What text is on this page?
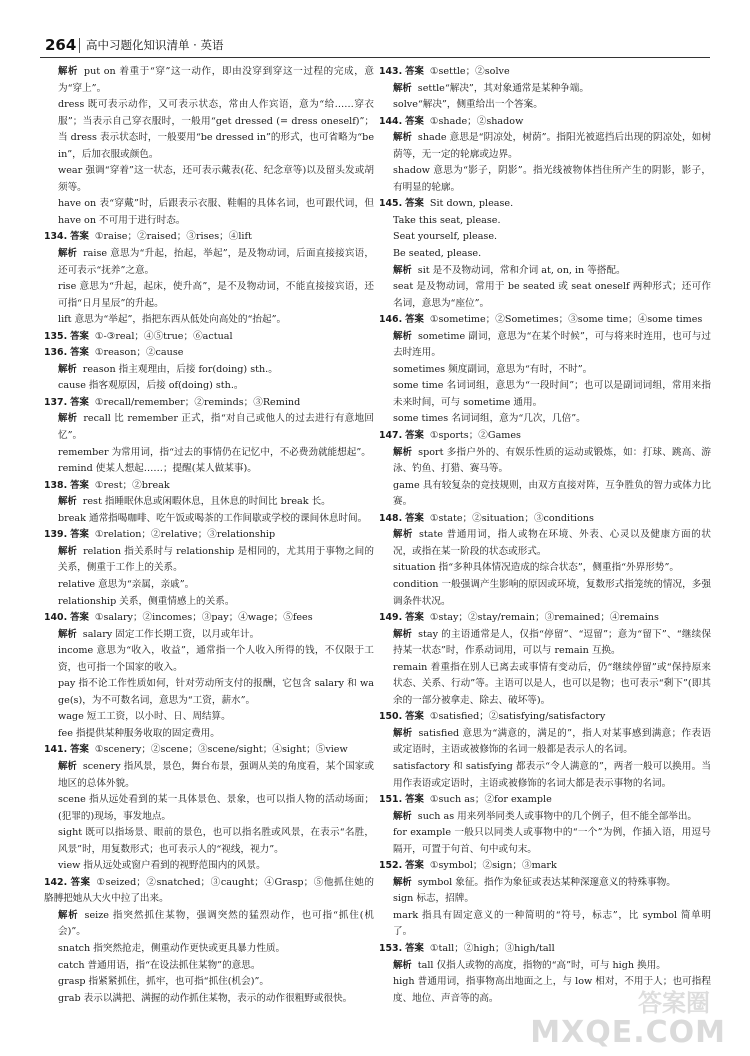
264 高中习题化知识清单 · 英语

解析 put on 着重于“穿”这一动作，即由没穿到穿这一过程的完成，意为“穿上”。

dress 既可表示动作，又可表示状态，常由人作宾语，意为“给……穿衣服”；当表示自己穿衣服时，一般用“get dressed (= dress oneself)”；当 dress 表示状态时，一般要用“be dressed in”的形式，也可省略为“be in”，后加衣服或颜色。

wear 强调“穿着”这一状态，还可表示戴表(花、纪念章等)以及留头发或胡须等。

have on 表“穿戴”时，后跟表示衣服、鞋帽的具体名词，也可跟代词，但 have on 不可用于进行时态。

134. 答案 ①raise；②raised；③rises；④lift

解析 raise 意思为“升起，抬起，举起”，是及物动词，后面直接接宾语，还可表示“抚养”之意。

rise 意思为“升起，起床，使升高”，是不及物动词，不能直接接宾语，还可指“日月星辰”的升起。

lift 意思为“举起”，指把东西从低处向高处的“抬起”。

135. 答案 ①-③real；④⑤true；⑥actual

136. 答案 ①reason；②cause

解析 reason 指主观理由，后接 for(doing) sth.。

cause 指客观原因，后接 of(doing) sth.。

137. 答案 ①recall/remember；②reminds；③Remind

解析 recall 比 remember 正式，指“对自己或他人的过去进行有意地回忆”。

remember 为常用词，指“过去的事情仍在记忆中，不必费劲就能想起”。

remind 使某人想起……；提醒(某人做某事)。

138. 答案 ①rest；②break

解析 rest 指睡眠休息或闲暇休息，且休息的时间比 break 长。

break 通常指喝咖啡、吃午饭或喝茶的工作间歇或学校的课间休息时间。

139. 答案 ①relation；②relative；③relationship

解析 relation 指关系时与 relationship 是相同的，尤其用于事物之间的关系，侧重于工作上的关系。

relative 意思为“亲属，亲戚”。

relationship 关系，侧重情感上的关系。

140. 答案 ①salary；②incomes；③pay；④wage；⑤fees

解析 salary 固定工作长期工资，以月或年计。

income 意思为“收入，收益”，通常指一个人收入所得的钱，不仅限于工资，也可指一个国家的收入。

pay 指不论工作性质如何，针对劳动所支付的报酬，它包含 salary 和 wage(s)，为不可数名词，意思为“工资，薪水”。

wage 短工工资，以小时、日、周结算。

fee 指提供某种服务收取的固定费用。

141. 答案 ①scenery；②scene；③scene/sight；④sight；⑤view

解析 scenery 指风景，景色，舞台布景，强调从美的角度看，某个国家或地区的总体外貌。

scene 指从远处看到的某一具体景色、景象，也可以指人物的活动场面；(犯罪的)现场，事发地点。

sight 既可以指场景、眼前的景色，也可以指名胜或风景，在表示“名胜，风景”时，用复数形式；也可表示人的“视线，视力”。

view 指从远处或窗户看到的视野范围内的风景。

142. 答案 ①seized；②snatched；③caught；④Grasp；⑤他抓住她的胳膊把她从大火中拉了出来。

解析 seize 指突然抓住某物，强调突然的猛烈动作，也可指“抓住(机会)”。

snatch 指突然抢走，侧重动作更快或更具暴力性质。

catch 普通用语，指“在设法抓住某物”的意思。

grasp 指紧紧抓住，抓牢，也可指“抓住(机会)”。

grab 表示以满把、满握的动作抓住某物，表示的动作很粗野或很快。

143. 答案 ①settle；②solve

解析 settle“解决”，其对象通常是某种争端。

solve“解决”，侧重给出一个答案。

144. 答案 ①shade；②shadow

解析 shade 意思是“阴凉处，树荫”。指阳光被遮挡后出现的阴凉处，如树荫等，无一定的轮廓或边界。

shadow 意思为“影子，阴影”。指光线被物体挡住所产生的阴影，影子，有明显的轮廓。

145. 答案 Sit down, please.

Take this seat, please.

Seat yourself, please.

Be seated, please.

解析 sit 是不及物动词，常和介词 at, on, in 等搭配。

seat 是及物动词，常用于 be seated 或 seat oneself 两种形式；还可作名词，意思为“座位”。

146. 答案 ①sometime；②Sometimes；③some time；④some times

解析 sometime 副词，意思为“在某个时候”，可与将来时连用，也可与过去时连用。

sometimes 频度副词，意思为“有时，不时”。

some time 名词词组，意思为“一段时间”；也可以是副词词组，常用来指未来时间，可与 sometime 通用。

some times 名词词组，意为“几次，几倍”。

147. 答案 ①sports；②Games

解析 sport 多指户外的、有娱乐性质的运动或锻炼，如：打球、跳高、游泳、钓鱼、打猎、赛马等。

game 具有较复杂的竞技规则，由双方直接对阵，互争胜负的智力或体力比赛。

148. 答案 ①state；②situation；③conditions

解析 state 普通用词，指人或物在环境、外表、心灵以及健康方面的状况，或指在某一阶段的状态或形式。

situation 指“多种具体情况造成的综合状态”，侧重指“外界形势”。

condition 一般强调产生影响的原因或环境，复数形式指笼统的情况，多强调条件状况。

149. 答案 ①stay；②stay/remain；③remained；④remains

解析 stay 的主语通常是人，仅指“停留”、“逗留”；意为“留下”、“继续保持某一状态”时，作系动词用，可以与 remain 互换。

remain 着重指在别人已离去或事情有变动后，仍“继续停留”或“保持原来状态、关系、行动”等。主语可以是人，也可以是物；也可表示“剩下”(即其余的一部分被拿走、除去、破坏等)。

150. 答案 ①satisfied；②satisfying/satisfactory

解析 satisfied 意思为“满意的，满足的”，指人对某事感到满意；作表语或定语时，主语或被修饰的名词一般都是表示人的名词。

satisfactory 和 satisfying 都表示“令人满意的”，两者一般可以换用。当用作表语或定语时，主语或被修饰的名词大都是表示事物的名词。

151. 答案 ①such as；②for example

解析 such as 用来列举同类人或事物中的几个例子，但不能全部举出。

for example 一般只以同类人或事物中的“一个”为例，作插入语，用逗号隔开，可置于句首、句中或句末。

152. 答案 ①symbol；②sign；③mark

解析 symbol 象征。指作为象征或表达某种深邃意义的特殊事物。

sign 标志，招牌。

mark 指具有固定意义的一种简明的“符号，标志”，比 symbol 简单明了。

153. 答案 ①tall；②high；③high/tall

解析 tall 仅指人或物的高度，指物的“高”时，可与 high 换用。

high 普通用词，指事物高出地面之上，与 low 相对，不用于人；也可指程度、地位、声音等的高。	答案圈
MXQE.COM
